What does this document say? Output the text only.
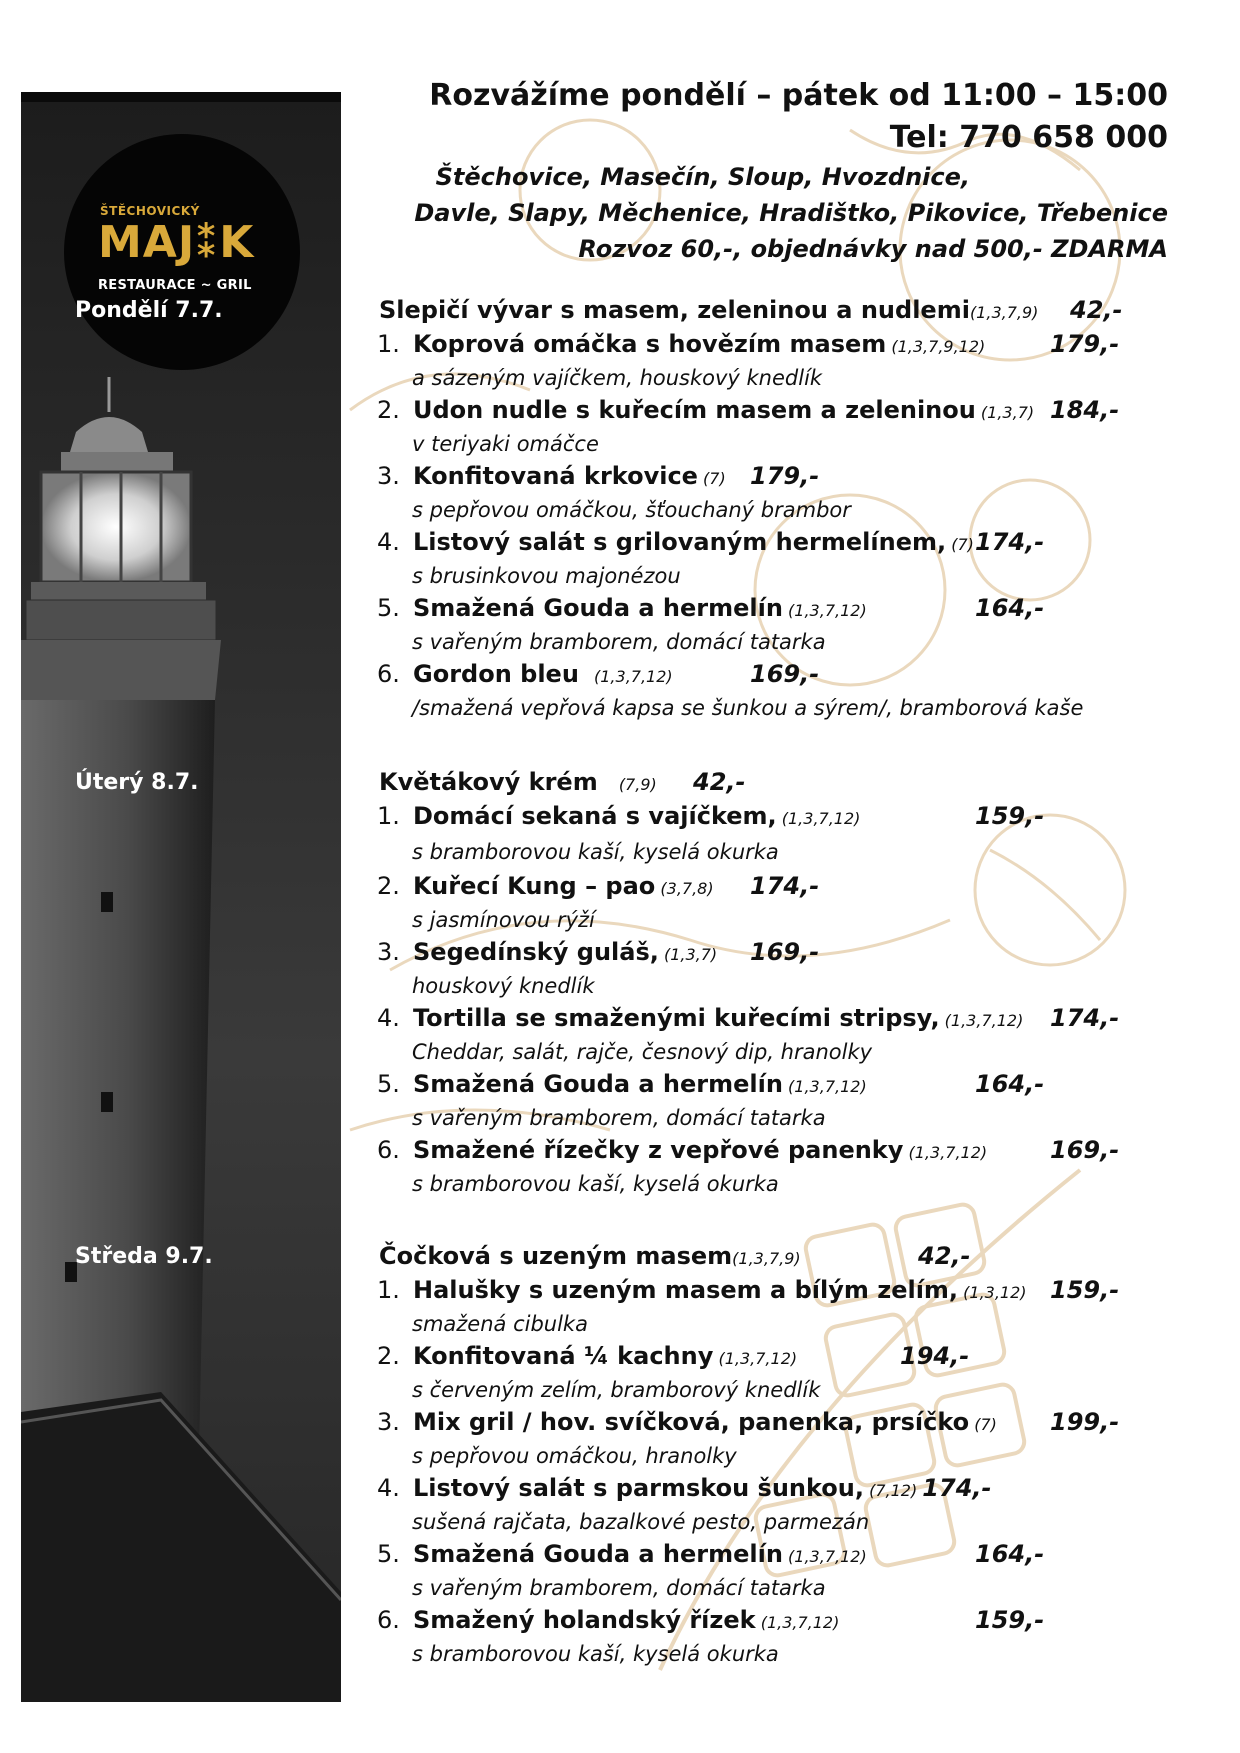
ŠTĚCHOVICKÝ
MAJ⁑K
RESTAURACE ~ GRIL
Pondělí 7.7.
Úterý 8.7.
Středa 9.7.
Rozvážíme pondělí – pátek od 11:00 – 15:00
Tel: 770 658 000
Štěchovice, Masečín, Sloup, Hvozdnice,
Davle, Slapy, Měchenice, Hradištko, Pikovice, Třebenice
Rozvoz 60,-, objednávky nad 500,- ZDARMA
Slepičí vývar s masem, zeleninou a nudlemi(1,3,7,9) 42,-
1. Koprová omáčka s hovězím masem (1,3,7,9,12)	179,-
a sázeným vajíčkem, houskový knedlík
2. Udon nudle s kuřecím masem a zeleninou (1,3,7) 184,-
v teriyaki omáčce
3. Konfitovaná krkovice (7) 179,-
s pepřovou omáčkou, šťouchaný brambor
4. Listový salát s grilovaným hermelínem, (7) 174,-
s brusinkovou majonézou
5. Smažená Gouda a hermelín (1,3,7,12)	164,-
s vařeným bramborem, domácí tatarka
6. Gordon bleu (1,3,7,12)	169,-
/smažená vepřová kapsa se šunkou a sýrem/, bramborová kaše
Květákový krém (7,9) 42,-
1. Domácí sekaná s vajíčkem, (1,3,7,12)	159,-
s bramborovou kaší, kyselá okurka
2. Kuřecí Kung – pao (3,7,8) 174,-
s jasmínovou rýží
3. Segedínský guláš, (1,3,7) 169,-
houskový knedlík
4. Tortilla se smaženými kuřecími stripsy, (1,3,7,12) 174,-
Cheddar, salát, rajče, česnový dip, hranolky
5. Smažená Gouda a hermelín (1,3,7,12)	164,-
s vařeným bramborem, domácí tatarka
6. Smažené řízečky z vepřové panenky (1,3,7,12)	169,-
s bramborovou kaší, kyselá okurka
Čočková s uzeným masem(1,3,7,9)	42,-
1. Halušky s uzeným masem a bílým zelím, (1,3,12) 159,-
smažená cibulka
2. Konfitovaná ¼ kachny (1,3,7,12)	194,-
s červeným zelím, bramborový knedlík
3. Mix gril / hov. svíčková, panenka, prsíčko (7) 199,-
s pepřovou omáčkou, hranolky
4. Listový salát s parmskou šunkou, (7,12) 174,-
sušená rajčata, bazalkové pesto, parmezán
5. Smažená Gouda a hermelín (1,3,7,12)	164,-
s vařeným bramborem, domácí tatarka
6. Smažený holandský řízek (1,3,7,12)	159,-
s bramborovou kaší, kyselá okurka
